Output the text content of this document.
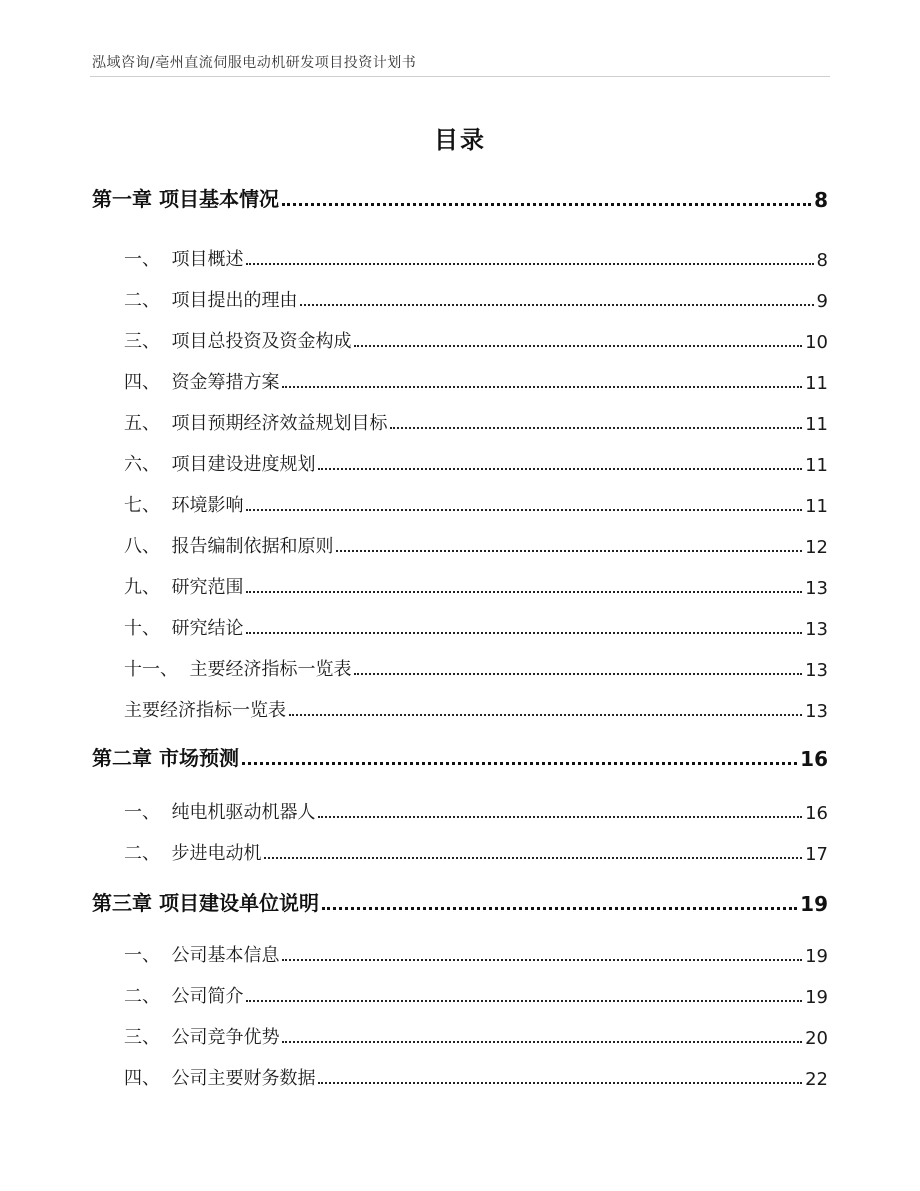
泓域咨询/亳州直流伺服电动机研发项目投资计划书
目录
第一章 项目基本情况	8
一、  项目概述	8
二、  项目提出的理由	9
三、  项目总投资及资金构成	10
四、  资金筹措方案	11
五、  项目预期经济效益规划目标	11
六、  项目建设进度规划	11
七、  环境影响	11
八、  报告编制依据和原则	12
九、  研究范围	13
十、  研究结论	13
十一、  主要经济指标一览表	13
主要经济指标一览表	13
第二章 市场预测	16
一、  纯电机驱动机器人	16
二、  步进电动机	17
第三章 项目建设单位说明	19
一、  公司基本信息	19
二、  公司简介	19
三、  公司竞争优势	20
四、  公司主要财务数据	22
